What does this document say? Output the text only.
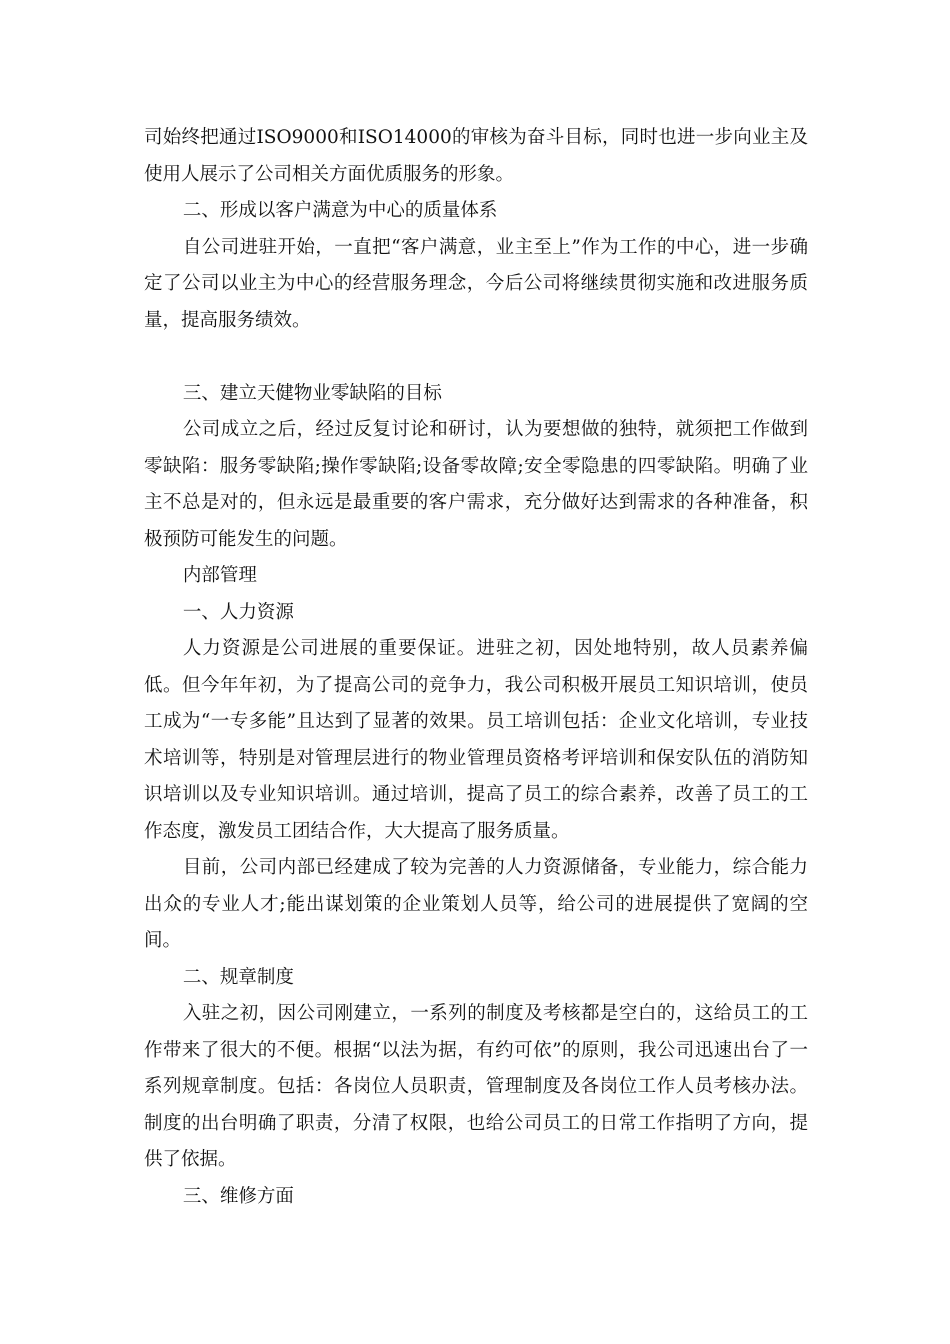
司始终把通过ISO9000和ISO14000的审核为奋斗目标，同时也进一步向业主及使用人展示了公司相关方面优质服务的形象。

二、形成以客户满意为中心的质量体系

自公司进驻开始，一直把“客户满意，业主至上”作为工作的中心，进一步确定了公司以业主为中心的经营服务理念，今后公司将继续贯彻实施和改进服务质量，提高服务绩效。

三、建立天健物业零缺陷的目标

公司成立之后，经过反复讨论和研讨，认为要想做的独特，就须把工作做到零缺陷：服务零缺陷;操作零缺陷;设备零故障;安全零隐患的四零缺陷。明确了业主不总是对的，但永远是最重要的客户需求，充分做好达到需求的各种准备，积极预防可能发生的问题。

内部管理

一、人力资源

人力资源是公司进展的重要保证。进驻之初，因处地特别，故人员素养偏低。但今年年初，为了提高公司的竞争力，我公司积极开展员工知识培训，使员工成为“一专多能”且达到了显著的效果。员工培训包括：企业文化培训，专业技术培训等，特别是对管理层进行的物业管理员资格考评培训和保安队伍的消防知识培训以及专业知识培训。通过培训，提高了员工的综合素养，改善了员工的工作态度，激发员工团结合作，大大提高了服务质量。

目前，公司内部已经建成了较为完善的人力资源储备，专业能力，综合能力出众的专业人才;能出谋划策的企业策划人员等，给公司的进展提供了宽阔的空间。

二、规章制度

入驻之初，因公司刚建立，一系列的制度及考核都是空白的，这给员工的工作带来了很大的不便。根据“以法为据，有约可依”的原则，我公司迅速出台了一系列规章制度。包括：各岗位人员职责，管理制度及各岗位工作人员考核办法。制度的出台明确了职责，分清了权限，也给公司员工的日常工作指明了方向，提供了依据。

三、维修方面
